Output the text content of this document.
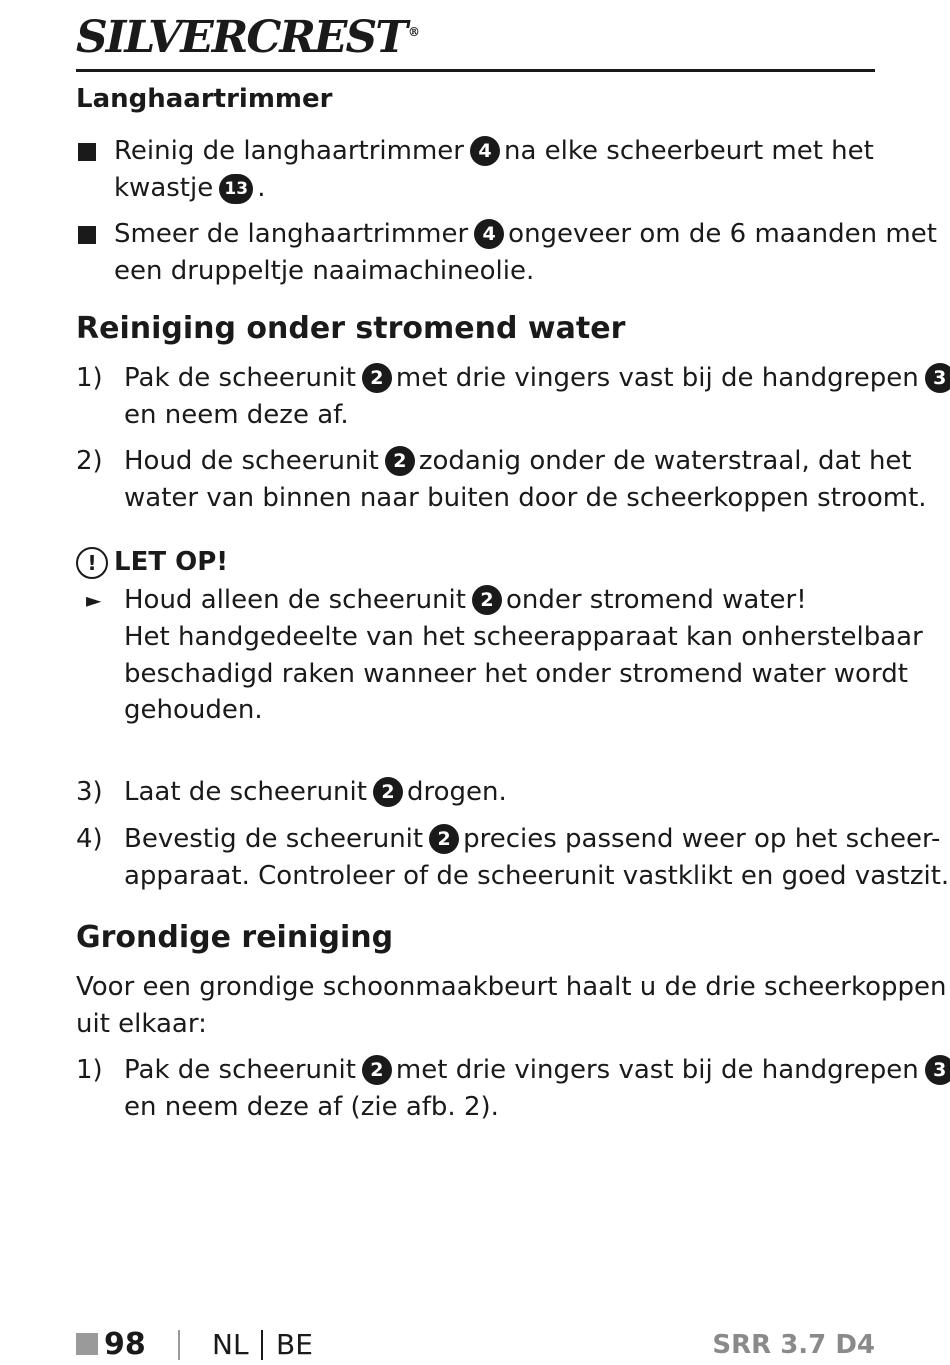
SILVERCREST ®
Langhaartrimmer
Reinig de langhaartrimmer 4 na elke scheerbeurt met het
kwastje 13 .
Smeer de langhaartrimmer 4 ongeveer om de 6 maanden met
een druppeltje naaimachineolie.
Reiniging onder stromend water
1) Pak de scheerunit 2 met drie vingers vast bij de handgrepen 3
en neem deze af.
2) Houd de scheerunit 2 zodanig onder de waterstraal, dat het
water van binnen naar buiten door de scheerkoppen stroomt.
! LET OP!
► Houd alleen de scheerunit 2 onder stromend water!
Het handgedeelte van het scheerapparaat kan onherstelbaar
beschadigd raken wanneer het onder stromend water wordt
gehouden.
3) Laat de scheerunit 2 drogen.
4) Bevestig de scheerunit 2 precies passend weer op het scheer-
apparaat. Controleer of de scheerunit vastklikt en goed vastzit.
Grondige reiniging
Voor een grondige schoonmaakbeurt haalt u de drie scheerkoppen
uit elkaar:
1) Pak de scheerunit 2 met drie vingers vast bij de handgrepen 3
en neem deze af (zie afb. 2).
98 NL BE	SRR 3.7 D4
